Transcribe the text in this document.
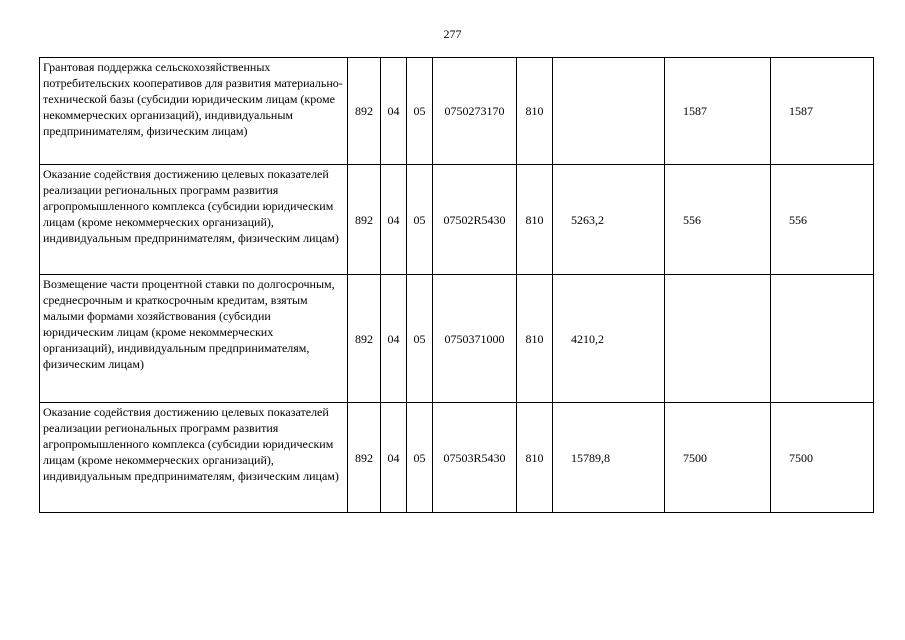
277
Грантовая поддержка сельскохозяйственных потребительских кооперативов для развития материально-технической базы (субсидии юридическим лицам (кроме некоммерческих организаций), индивидуальным предпринимателям, физическим лицам)	892	04	05	0750273170	810		1587	1587
Оказание содействия достижению целевых показателей реализации региональных программ развития агропромышленного комплекса (субсидии юридическим лицам (кроме некоммерческих организаций), индивидуальным предпринимателям, физическим лицам)	892	04	05	07502R5430	810	5263,2	556	556
Возмещение части процентной ставки по долгосрочным, среднесрочным и краткосрочным кредитам, взятым малыми формами хозяйствования (субсидии юридическим лицам (кроме некоммерческих организаций), индивидуальным предпринимателям, физическим лицам)	892	04	05	0750371000	810	4210,2		
Оказание содействия достижению целевых показателей реализации региональных программ развития агропромышленного комплекса (субсидии юридическим лицам (кроме некоммерческих организаций), индивидуальным предпринимателям, физическим лицам)	892	04	05	07503R5430	810	15789,8	7500	7500
